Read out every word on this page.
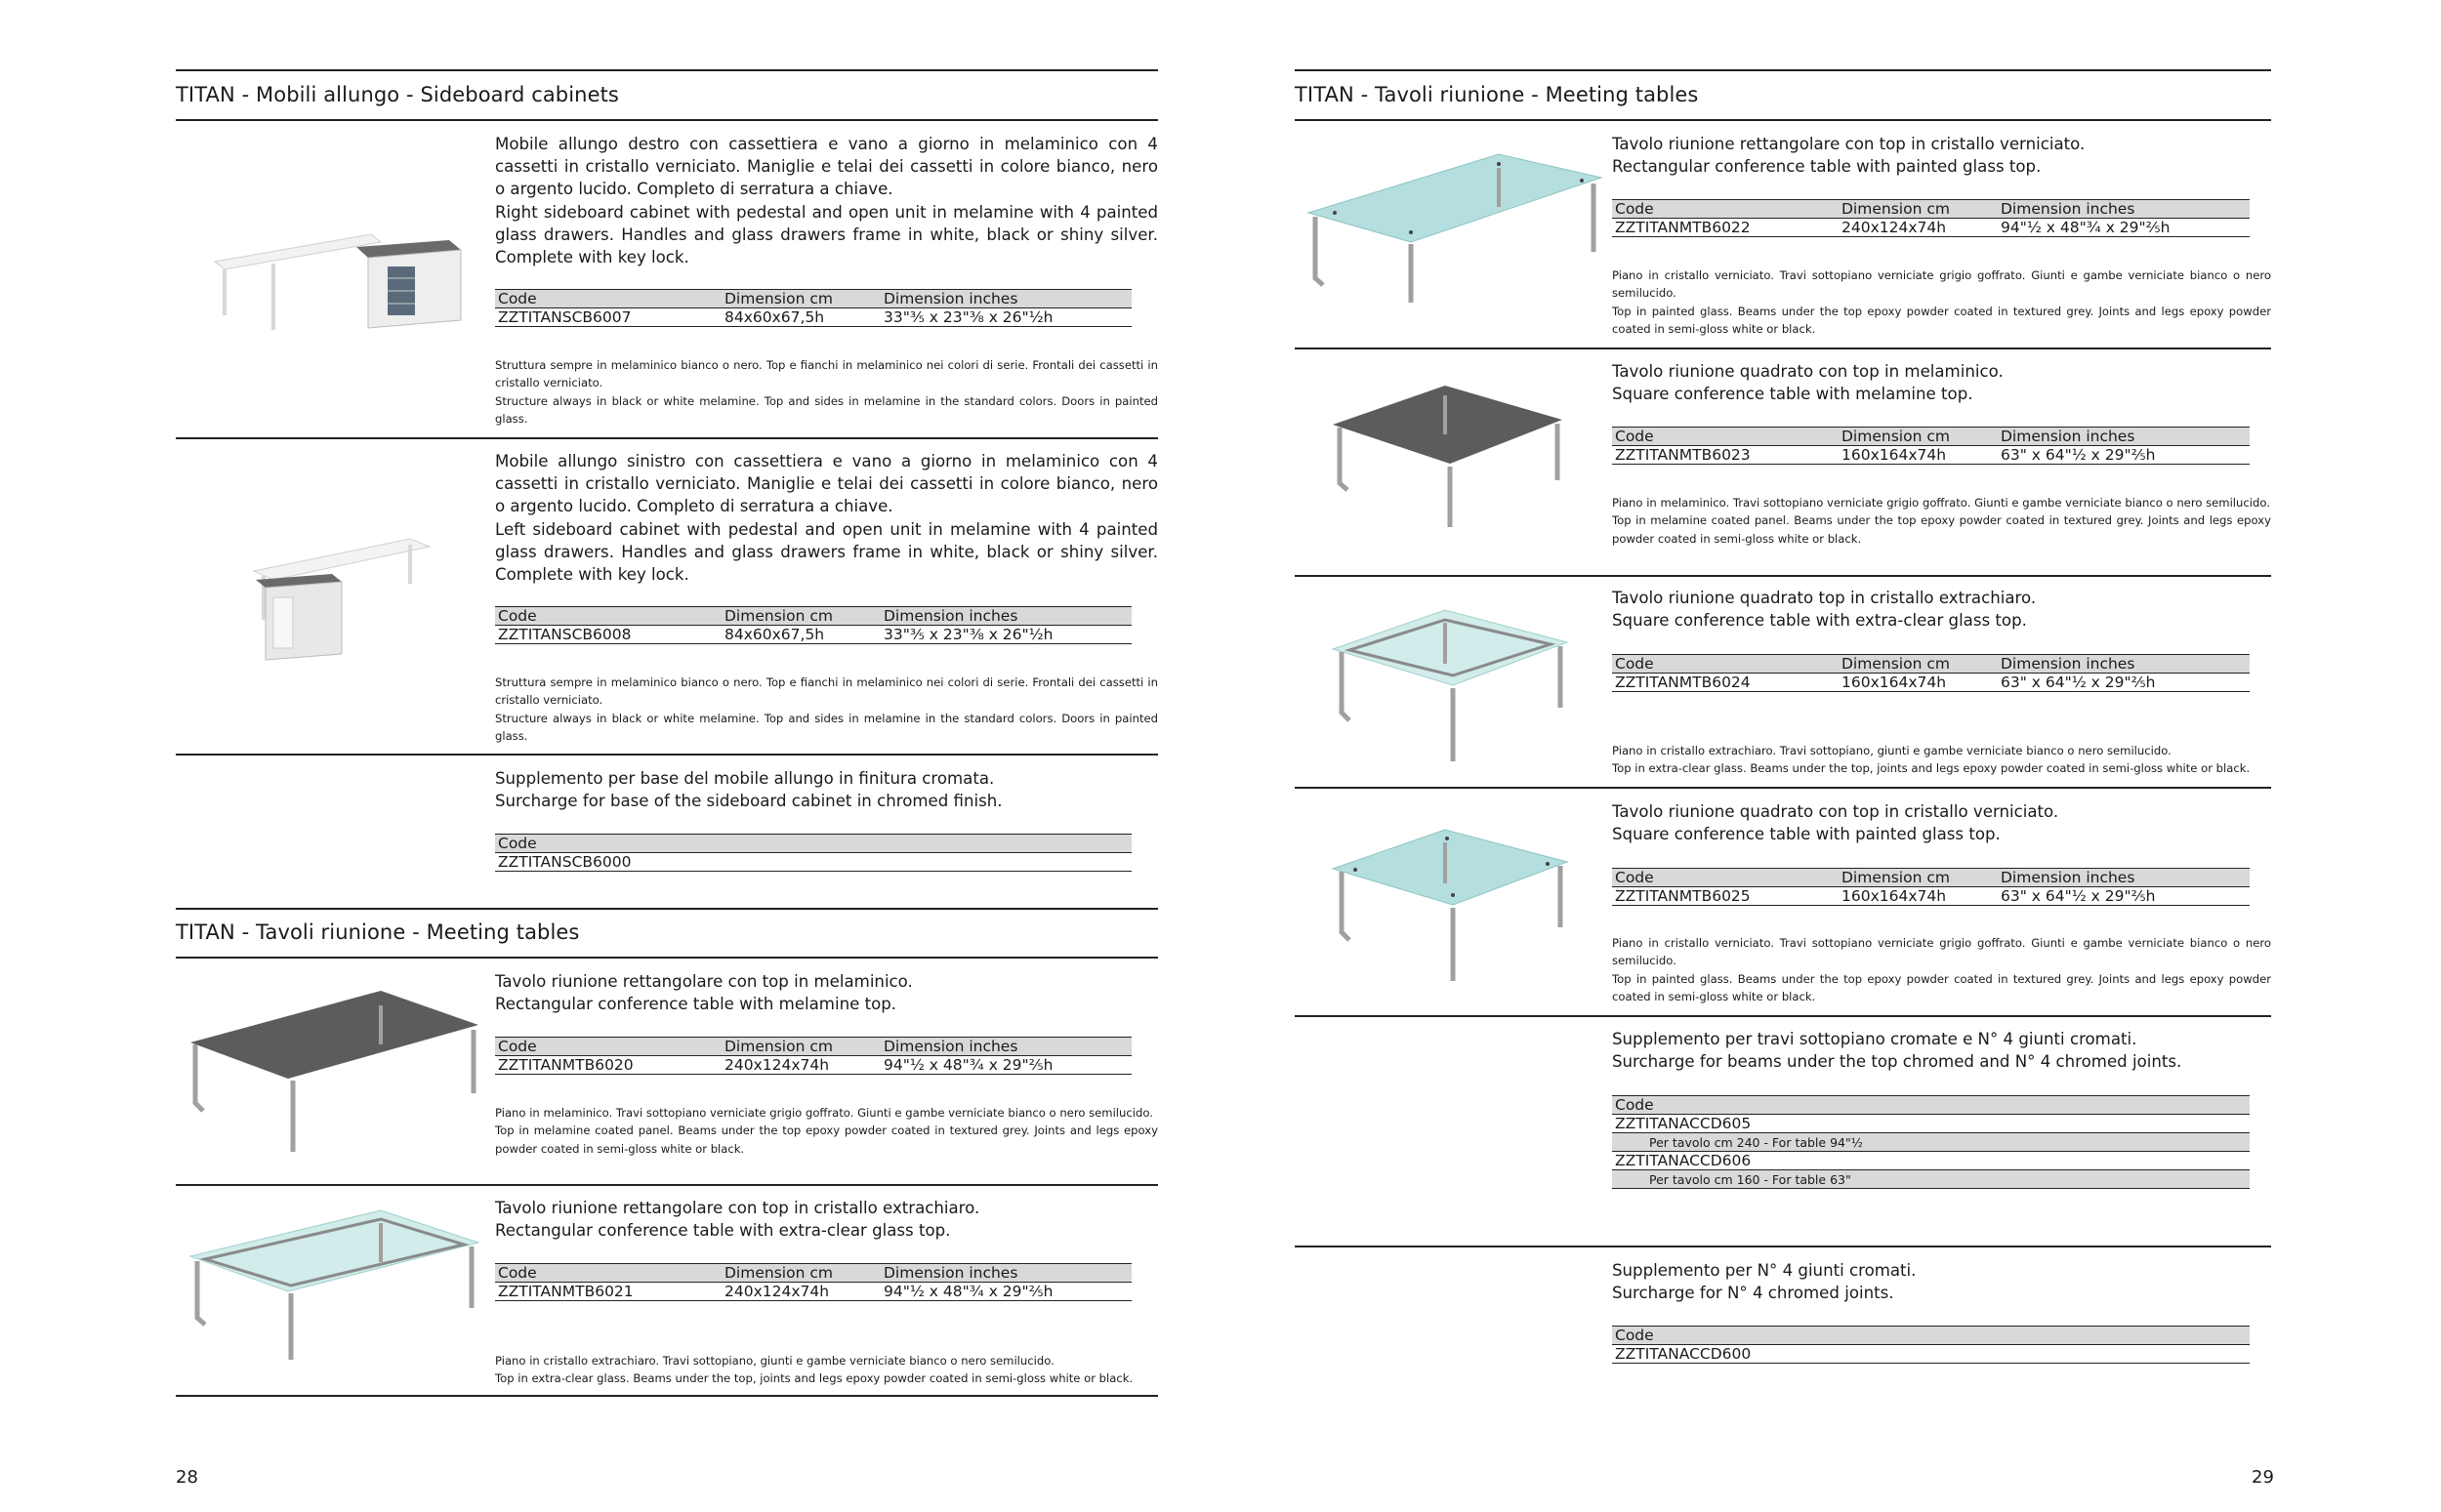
TITAN - Mobili allungo - Sideboard cabinets
Mobile allungo destro con cassettiera e vano a giorno in melaminico con 4 cassetti in cristallo verniciato. Maniglie e telai dei cassetti in colore bianco, nero o argento lucido. Completo di serratura a chiave.
Right sideboard cabinet with pedestal and open unit in melamine with 4 painted glass drawers. Handles and glass drawers frame in white, black or shiny silver. Complete with key lock.
Code	Dimension cm	Dimension inches
ZZTITANSCB6007	84x60x67,5h	33"⅗ x 23"⅜ x 26"½h
Struttura sempre in melaminico bianco o nero. Top e fianchi in melaminico nei colori di serie. Frontali dei cassetti in cristallo verniciato.
Structure always in black or white melamine. Top and sides in melamine in the standard colors. Doors in painted glass.
Mobile allungo sinistro con cassettiera e vano a giorno in melaminico con 4 cassetti in cristallo verniciato. Maniglie e telai dei cassetti in colore bianco, nero o argento lucido. Completo di serratura a chiave.
Left sideboard cabinet with pedestal and open unit in melamine with 4 painted glass drawers. Handles and glass drawers frame in white, black or shiny silver. Complete with key lock.
Code	Dimension cm	Dimension inches
ZZTITANSCB6008	84x60x67,5h	33"⅗ x 23"⅜ x 26"½h
Struttura sempre in melaminico bianco o nero. Top e fianchi in melaminico nei colori di serie. Frontali dei cassetti in cristallo verniciato.
Structure always in black or white melamine. Top and sides in melamine in the standard colors. Doors in painted glass.
Supplemento per base del mobile allungo in finitura cromata.
Surcharge for base of the sideboard cabinet in chromed finish.
Code
ZZTITANSCB6000
TITAN - Tavoli riunione - Meeting tables
Tavolo riunione rettangolare con top in melaminico.
Rectangular conference table with melamine top.
Code	Dimension cm	Dimension inches
ZZTITANMTB6020	240x124x74h	94"½ x 48"¾ x 29"⅖h
Piano in melaminico. Travi sottopiano verniciate grigio goffrato. Giunti e gambe verniciate bianco o nero semilucido.
Top in melamine coated panel. Beams under the top epoxy powder coated in textured grey. Joints and legs epoxy powder coated in semi-gloss white or black.
Tavolo riunione rettangolare con top in cristallo extrachiaro.
Rectangular conference table with extra-clear glass top.
Code	Dimension cm	Dimension inches
ZZTITANMTB6021	240x124x74h	94"½ x 48"¾ x 29"⅖h
Piano in cristallo extrachiaro. Travi sottopiano, giunti e gambe verniciate bianco o nero semilucido.
Top in extra-clear glass. Beams under the top, joints and legs epoxy powder coated in semi-gloss white or black.
28
TITAN - Tavoli riunione - Meeting tables
Tavolo riunione rettangolare con top in cristallo verniciato.
Rectangular conference table with painted glass top.
Code	Dimension cm	Dimension inches
ZZTITANMTB6022	240x124x74h	94"½ x 48"¾ x 29"⅖h
Piano in cristallo verniciato. Travi sottopiano verniciate grigio goffrato. Giunti e gambe verniciate bianco o nero semilucido.
Top in painted glass. Beams under the top epoxy powder coated in textured grey. Joints and legs epoxy powder coated in semi-gloss white or black.
Tavolo riunione quadrato con top in melaminico.
Square conference table with melamine top.
Code	Dimension cm	Dimension inches
ZZTITANMTB6023	160x164x74h	63" x 64"½ x 29"⅖h
Piano in melaminico. Travi sottopiano verniciate grigio goffrato. Giunti e gambe verniciate bianco o nero semilucido.
Top in melamine coated panel. Beams under the top epoxy powder coated in textured grey. Joints and legs epoxy powder coated in semi-gloss white or black.
Tavolo riunione quadrato top in cristallo extrachiaro.
Square conference table with extra-clear glass top.
Code	Dimension cm	Dimension inches
ZZTITANMTB6024	160x164x74h	63" x 64"½ x 29"⅖h
Piano in cristallo extrachiaro. Travi sottopiano, giunti e gambe verniciate bianco o nero semilucido.
Top in extra-clear glass. Beams under the top, joints and legs epoxy powder coated in semi-gloss white or black.
Tavolo riunione quadrato con top in cristallo verniciato.
Square conference table with painted glass top.
Code	Dimension cm	Dimension inches
ZZTITANMTB6025	160x164x74h	63" x 64"½ x 29"⅖h
Piano in cristallo verniciato. Travi sottopiano verniciate grigio goffrato. Giunti e gambe verniciate bianco o nero semilucido.
Top in painted glass. Beams under the top epoxy powder coated in textured grey. Joints and legs epoxy powder coated in semi-gloss white or black.
Supplemento per travi sottopiano cromate e N° 4 giunti cromati.
Surcharge for beams under the top chromed and N° 4 chromed joints.
Code
ZZTITANACCD605
Per tavolo cm 240 - For table 94"½
ZZTITANACCD606
Per tavolo cm 160 - For table 63"
Supplemento per N° 4 giunti cromati.
Surcharge for N° 4 chromed joints.
Code
ZZTITANACCD600
29
